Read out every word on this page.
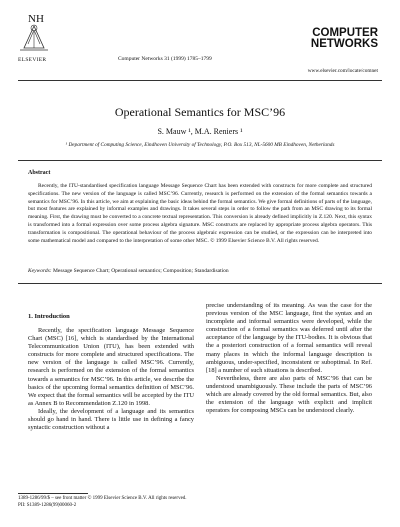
NH
ELSEVIER	Computer Networks 31 (1999) 1785–1799
COMPUTER
NETWORKS
www.elsevier.com/locate/comnet
Operational Semantics for MSC’96
S. Mauw ¹, M.A. Reniers ¹
¹ Department of Computing Science, Eindhoven University of Technology, P.O. Box 513, NL-5600 MB Eindhoven, Netherlands
Abstract

Recently, the ITU-standardised specification language Message Sequence Chart has been extended with constructs for more complete and structured specifications. The new version of the language is called MSC’96. Currently, research is performed on the extension of the formal semantics towards a semantics for MSC’96. In this article, we aim at explaining the basic ideas behind the formal semantics. We give formal definitions of parts of the language, but most features are explained by informal examples and drawings. It takes several steps in order to follow the path from an MSC drawing to its formal meaning. First, the drawing must be converted to a concrete textual representation. This conversion is already defined implicitly in Z.120. Next, this syntax is transformed into a formal expression over some process algebra signature. MSC constructs are replaced by appropriate process algebra operators. This transformation is compositional. The operational behaviour of the process algebraic expression can be studied, or the expression can be interpreted into some mathematical model and compared to the interpretation of some other MSC. © 1999 Elsevier Science B.V. All rights reserved.

Keywords: Message Sequence Chart; Operational semantics; Composition; Standardisation
1. Introduction

Recently, the specification language Message Sequence Chart (MSC) [16], which is standardised by the International Telecommunication Union (ITU), has been extended with constructs for more complete and structured specifications. The new version of the language is called MSC’96. Currently, research is performed on the extension of the formal semantics towards a semantics for MSC’96. In this article, we describe the basics of the upcoming formal semantics definition of MSC’96. We expect that the formal semantics will be accepted by the ITU as Annex B to Recommendation Z.120 in 1998.

Ideally, the development of a language and its semantics should go hand in hand. There is little use in defining a fancy syntactic construction without a

precise understanding of its meaning. As was the case for the previous version of the MSC language, first the syntax and an incomplete and informal semantics were developed, while the construction of a formal semantics was deferred until after the acceptance of the language by the ITU-bodies. It is obvious that the a posteriori construction of a formal semantics will reveal many places in which the informal language description is ambiguous, under-specified, inconsistent or suboptimal. In Ref. [18] a number of such situations is described.

Nevertheless, there are also parts of MSC’96 that can be understood unambiguously. These include the parts of MSC’96 which are already covered by the old formal semantics. But, also the extension of the language with explicit and implicit operators for composing MSCs can be understood clearly.

1389-1286/99/$ – see front matter © 1999 Elsevier Science B.V. All rights reserved.
PII: S1389-1286(99)00060-2
